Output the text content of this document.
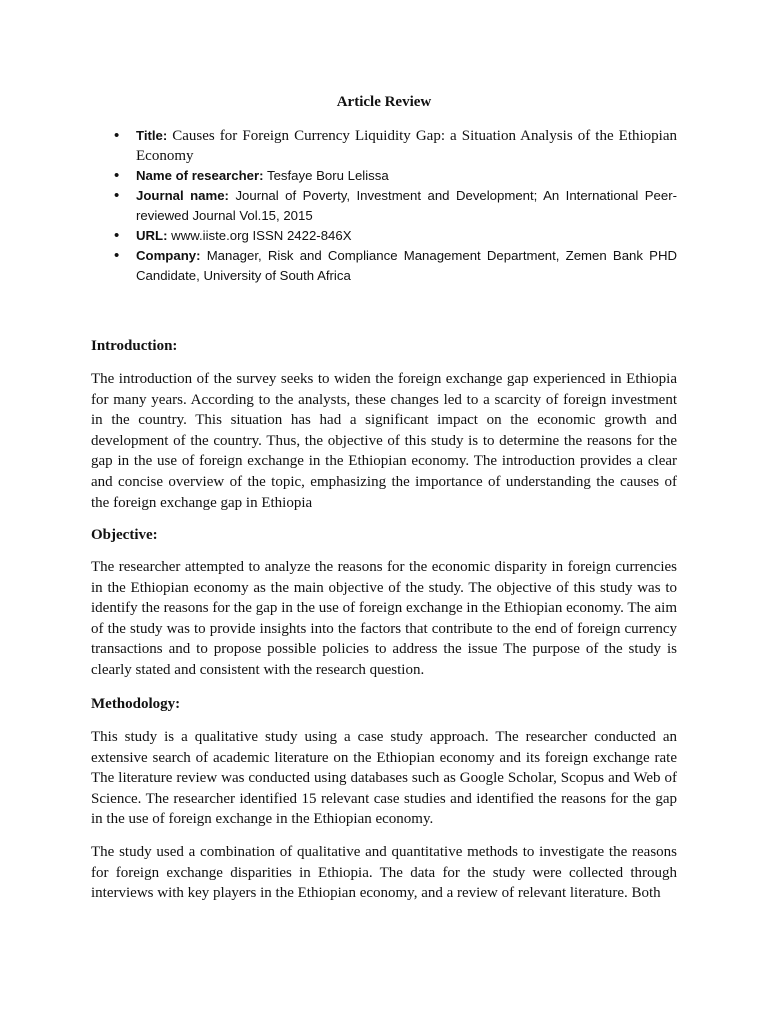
Article Review
• Title: Causes for Foreign Currency Liquidity Gap: a Situation Analysis of the Ethiopian Economy
• Name of researcher: Tesfaye Boru Lelissa
• Journal name: Journal of Poverty, Investment and Development; An International Peer-reviewed Journal Vol.15, 2015
• URL: www.iiste.org ISSN 2422-846X
• Company: Manager, Risk and Compliance Management Department, Zemen Bank PHD Candidate, University of South Africa
Introduction:

The introduction of the survey seeks to widen the foreign exchange gap experienced in Ethiopia for many years. According to the analysts, these changes led to a scarcity of foreign investment in the country. This situation has had a significant impact on the economic growth and development of the country. Thus, the objective of this study is to determine the reasons for the gap in the use of foreign exchange in the Ethiopian economy. The introduction provides a clear and concise overview of the topic, emphasizing the importance of understanding the causes of the foreign exchange gap in Ethiopia

Objective:

The researcher attempted to analyze the reasons for the economic disparity in foreign currencies in the Ethiopian economy as the main objective of the study. The objective of this study was to identify the reasons for the gap in the use of foreign exchange in the Ethiopian economy. The aim of the study was to provide insights into the factors that contribute to the end of foreign currency transactions and to propose possible policies to address the issue The purpose of the study is clearly stated and consistent with the research question.

Methodology:

This study is a qualitative study using a case study approach. The researcher conducted an extensive search of academic literature on the Ethiopian economy and its foreign exchange rate The literature review was conducted using databases such as Google Scholar, Scopus and Web of Science. The researcher identified 15 relevant case studies and identified the reasons for the gap in the use of foreign exchange in the Ethiopian economy.

The study used a combination of qualitative and quantitative methods to investigate the reasons for foreign exchange disparities in Ethiopia. The data for the study were collected through interviews with key players in the Ethiopian economy, and a review of relevant literature. Both
